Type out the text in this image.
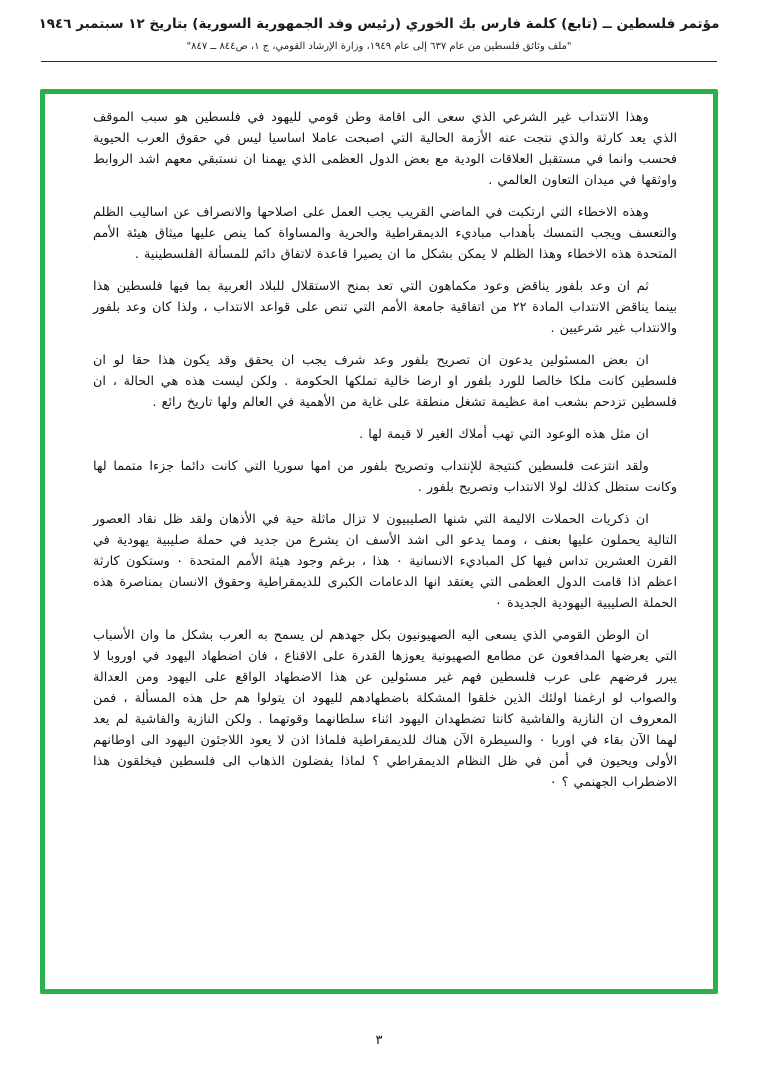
مؤتمر فلسطين ــ (تابع) كلمة فارس بك الخوري (رئيس وفد الجمهورية السورية) بتاريخ ١٢ سبتمبر ١٩٤٦
"ملف وثائق فلسطين من عام ٦٣٧ إلى عام ١٩٤٩، وزارة الإرشاد القومي، ج ١، ص٨٤٤ ــ ٨٤٧"

وهذا الانتداب غير الشرعي الذي سعى الى اقامة وطن قومي لليهود في فلسطين هو سبب الموقف الذي يعد كارثة والذي نتجت عنه الأزمة الحالية التي اصبحت عاملا اساسيا ليس في حقوق العرب الحيوية فحسب وانما في مستقبل العلاقات الودية مع بعض الدول العظمى الذي يهمنا ان نستبقي معهم اشد الروابط واوثقها في ميدان التعاون العالمي .

وهذه الاخطاء التي ارتكبت في الماضي القريب يجب العمل على اصلاحها والانصراف عن اساليب الظلم والتعسف ويجب التمسك بأهداب مباديء الديمقراطية والحرية والمساواة كما ينص عليها ميثاق هيئة الأمم المتحدة هذه الاخطاء وهذا الظلم لا يمكن بشكل ما ان يصيرا قاعدة لاتفاق دائم للمسألة الفلسطينية .

ثم ان وعد بلفور يناقض وعود مكماهون التي تعد بمنح الاستقلال للبلاد العربية بما فيها فلسطين هذا بينما يناقض الانتداب المادة ٢٢ من اتفاقية جامعة الأمم التي تنص على قواعد الانتداب ، ولذا كان وعد بلفور والانتداب غير شرعيين .

ان بعض المسئولين يدعون ان تصريح بلفور وعد شرف يجب ان يحقق وقد يكون هذا حقا لو ان فلسطين كانت ملكا خالصا للورد بلفور او ارضا خالية تملكها الحكومة . ولكن ليست هذه هي الحالة ، ان فلسطين تزدحم بشعب امة عظيمة تشغل منطقة على غاية من الأهمية في العالم ولها تاريخ رائع .

ان مثل هذه الوعود التي تهب أملاك الغير لا قيمة لها .

ولقد انتزعت فلسطين كنتيجة للإنتداب وتصريح بلفور من امها سوريا التي كانت دائما جزءا متمما لها وكانت ستظل كذلك لولا الانتداب وتصريح بلفور .

ان ذكريات الحملات الاليمة التي شنها الصليبيون لا تزال ماثلة حية في الأذهان ولقد ظل نقاد العصور التالية يحملون عليها بعنف ، ومما يدعو الى اشد الأسف ان يشرع من جديد في حملة صليبية يهودية في القرن العشرين تداس فيها كل المباديء الانسانية ٠ هذا ، برغم وجود هيئة الأمم المتحدة ٠ وستكون كارثة اعظم اذا قامت الدول العظمى التي يعتقد انها الدعامات الكبرى للديمقراطية وحقوق الانسان بمناصرة هذه الحملة الصليبية اليهودية الجديدة ٠

ان الوطن القومي الذي يسعى اليه الصهيونيون بكل جهدهم لن يسمح به العرب بشكل ما وان الأسباب التي يعرضها المدافعون عن مطامع الصهيونية يعوزها القدرة على الاقناع ، فان اضطهاد اليهود في اوروبا لا يبرر فرضهم على عرب فلسطين فهم غير مسئولين عن هذا الاضطهاد الواقع على اليهود ومن العدالة والصواب لو ارغمنا اولئك الذين خلقوا المشكلة باضطهادهم لليهود ان يتولوا هم حل هذه المسألة ، فمن المعروف ان النازية والفاشية كانتا تضطهدان اليهود اثناء سلطانهما وقوتهما . ولكن النازية والفاشية لم يعد لهما الآن بقاء في اوربا ٠ والسيطرة الآن هناك للديمقراطية فلماذا اذن لا يعود اللاجئون اليهود الى اوطانهم الأولى ويحيون في أمن في ظل النظام الديمقراطي ؟ لماذا يفضلون الذهاب الى فلسطين فيخلقون هذا الاضطراب الجهنمي ؟ ٠

٣
